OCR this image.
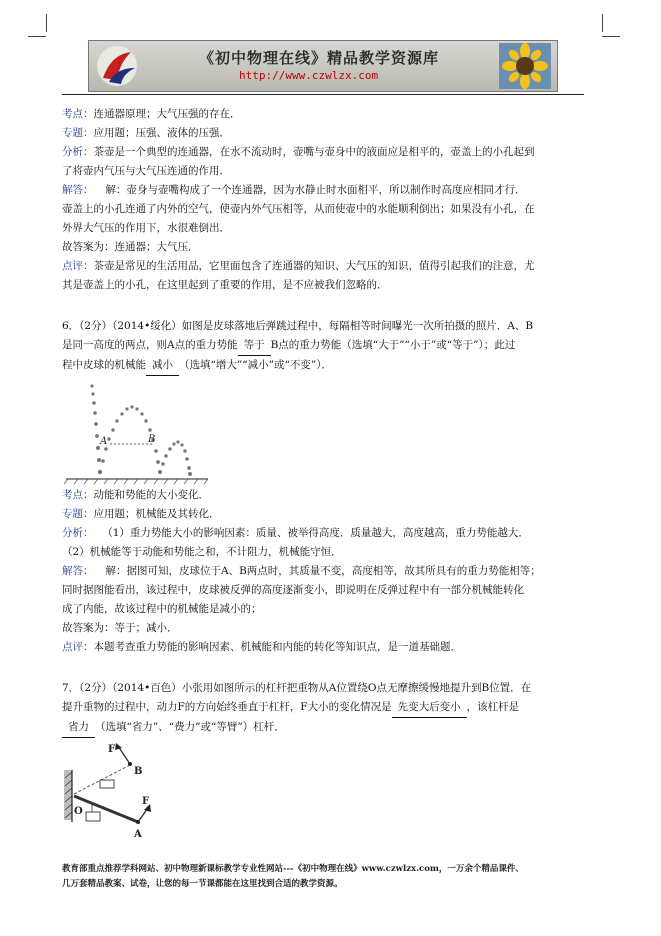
《初中物理在线》精品教学资源库
http://www.czwlzx.com
考点：连通器原理；大气压强的存在．
专题：应用题；压强、液体的压强．
分析：茶壶是一个典型的连通器，在水不流动时，壶嘴与壶身中的液面应是相平的，壶盖上的小孔起到
了将壶内气压与大气压连通的作用．
解答： 解：壶身与壶嘴构成了一个连通器，因为水静止时水面相平，所以制作时高度应相同才行．
壶盖上的小孔连通了内外的空气，使壶内外气压相等，从而使壶中的水能顺利倒出；如果没有小孔，在
外界大气压的作用下，水很难倒出．
故答案为：连通器；大气压．
点评：茶壶是常见的生活用品，它里面包含了连通器的知识、大气压的知识，值得引起我们的注意，尤
其是壶盖上的小孔，在这里起到了重要的作用，是不应被我们忽略的．
6．（2分）（2014•绥化）如图是皮球落地后弹跳过程中，每隔相等时间曝光一次所拍摄的照片．A、B
是同一高度的两点，则A点的重力势能 等于 B点的重力势能（选填“大于”“小于”或“等于”）；此过
程中皮球的机械能 减小 （选填“增大”“减小”或“不变”）．
A	B
考点：动能和势能的大小变化．
专题：应用题；机械能及其转化．
分析： （1）重力势能大小的影响因素：质量、被举得高度．质量越大，高度越高，重力势能越大．
（2）机械能等于动能和势能之和，不计阻力，机械能守恒．
解答： 解：据图可知，皮球位于A、B两点时，其质量不变，高度相等，故其所具有的重力势能相等；
同时据图能看出，该过程中，皮球被反弹的高度逐渐变小，即说明在反弹过程中有一部分机械能转化
成了内能，故该过程中的机械能是减小的；
故答案为：等于；减小．
点评：本题考查重力势能的影响因素、机械能和内能的转化等知识点，是一道基础题．
7．（2分）（2014•百色）小张用如图所示的杠杆把重物从A位置绕O点无摩擦缓慢地提升到B位置．在
提升重物的过程中，动力F的方向始终垂直于杠杆，F大小的变化情况是 先变大后变小 ，该杠杆是
省力 （选填“省力”、“费力”或“等臂”）杠杆．
F
B
F
O
A
教育部重点推荐学科网站、初中物理新课标教学专业性网站---《初中物理在线》www.czwlzx.com，一万余个精品课件、
几万套精品教案、试卷，让您的每一节课都能在这里找到合适的教学资源。
